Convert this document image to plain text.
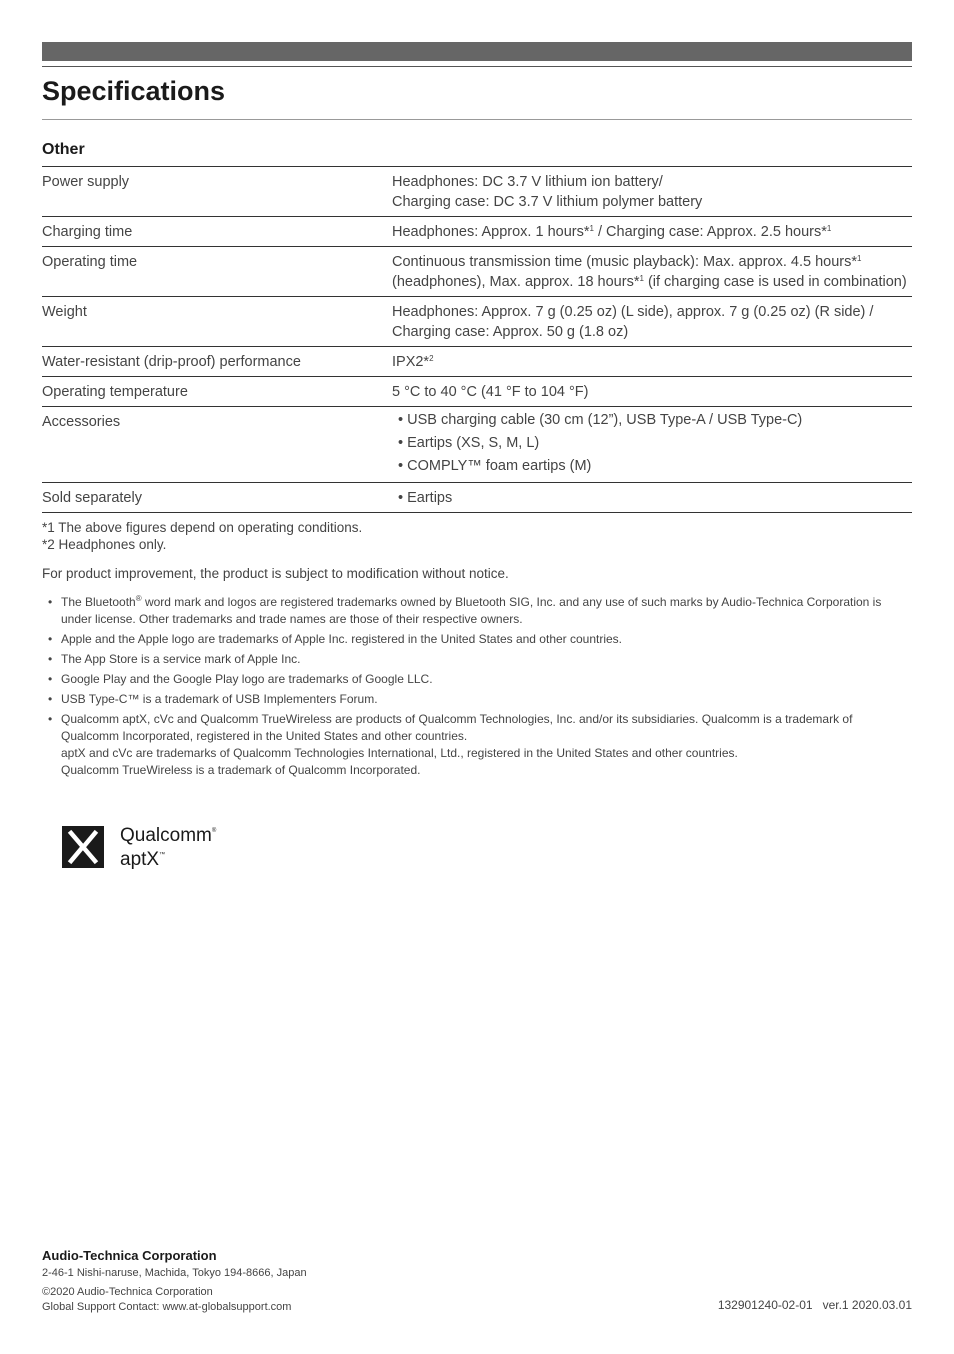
Specifications
Other
Power supply	Headphones: DC 3.7 V lithium ion battery/
Charging case: DC 3.7 V lithium polymer battery

Charging time	Headphones: Approx. 1 hours*$^1$ / Charging case: Approx. 2.5 hours*$^1$
Operating time	Continuous transmission time (music playback): Max. approx. 4.5 hours*$^1$
(headphones), Max. approx. 18 hours*$^1$ (if charging case is used in combination)

Weight	Headphones: Approx. 7 g (0.25 oz) (L side), approx. 7 g (0.25 oz) (R side) /
Charging case: Approx. 50 g (1.8 oz)

Water-resistant (drip-proof) performance	IPX2*$^2$
Operating temperature	5 °C to 40 °C (41 °F to 104 °F)
Accessories	• USB charging cable (30 cm (12”), USB Type-A / USB Type-C)
• Eartips (XS, S, M, L)
• COMPLY™ foam eartips (M)

Sold separately	• Eartips
*1 The above figures depend on operating conditions.
*2 Headphones only.
For product improvement, the product is subject to modification without notice.
• The Bluetooth® word mark and logos are registered trademarks owned by Bluetooth SIG, Inc. and any use of such marks by Audio-Technica Corporation is under license. Other trademarks and trade names are those of their respective owners.
• Apple and the Apple logo are trademarks of Apple Inc. registered in the United States and other countries.
• The App Store is a service mark of Apple Inc.
• Google Play and the Google Play logo are trademarks of Google LLC.
• USB Type-C™ is a trademark of USB Implementers Forum.
• Qualcomm aptX, cVc and Qualcomm TrueWireless are products of Qualcomm Technologies, Inc. and/or its subsidiaries. Qualcomm is a trademark of Qualcomm Incorporated, registered in the United States and other countries.
aptX and cVc are trademarks of Qualcomm Technologies International, Ltd., registered in the United States and other countries.
Qualcomm TrueWireless is a trademark of Qualcomm Incorporated.
Qualcomm®
aptX™

Audio-Technica Corporation

2-46-1 Nishi-naruse, Machida, Tokyo 194-8666, Japan

©2020 Audio-Technica Corporation

Global Support Contact: www.at-globalsupport.com	132901240-02-01 ver.1 2020.03.01
